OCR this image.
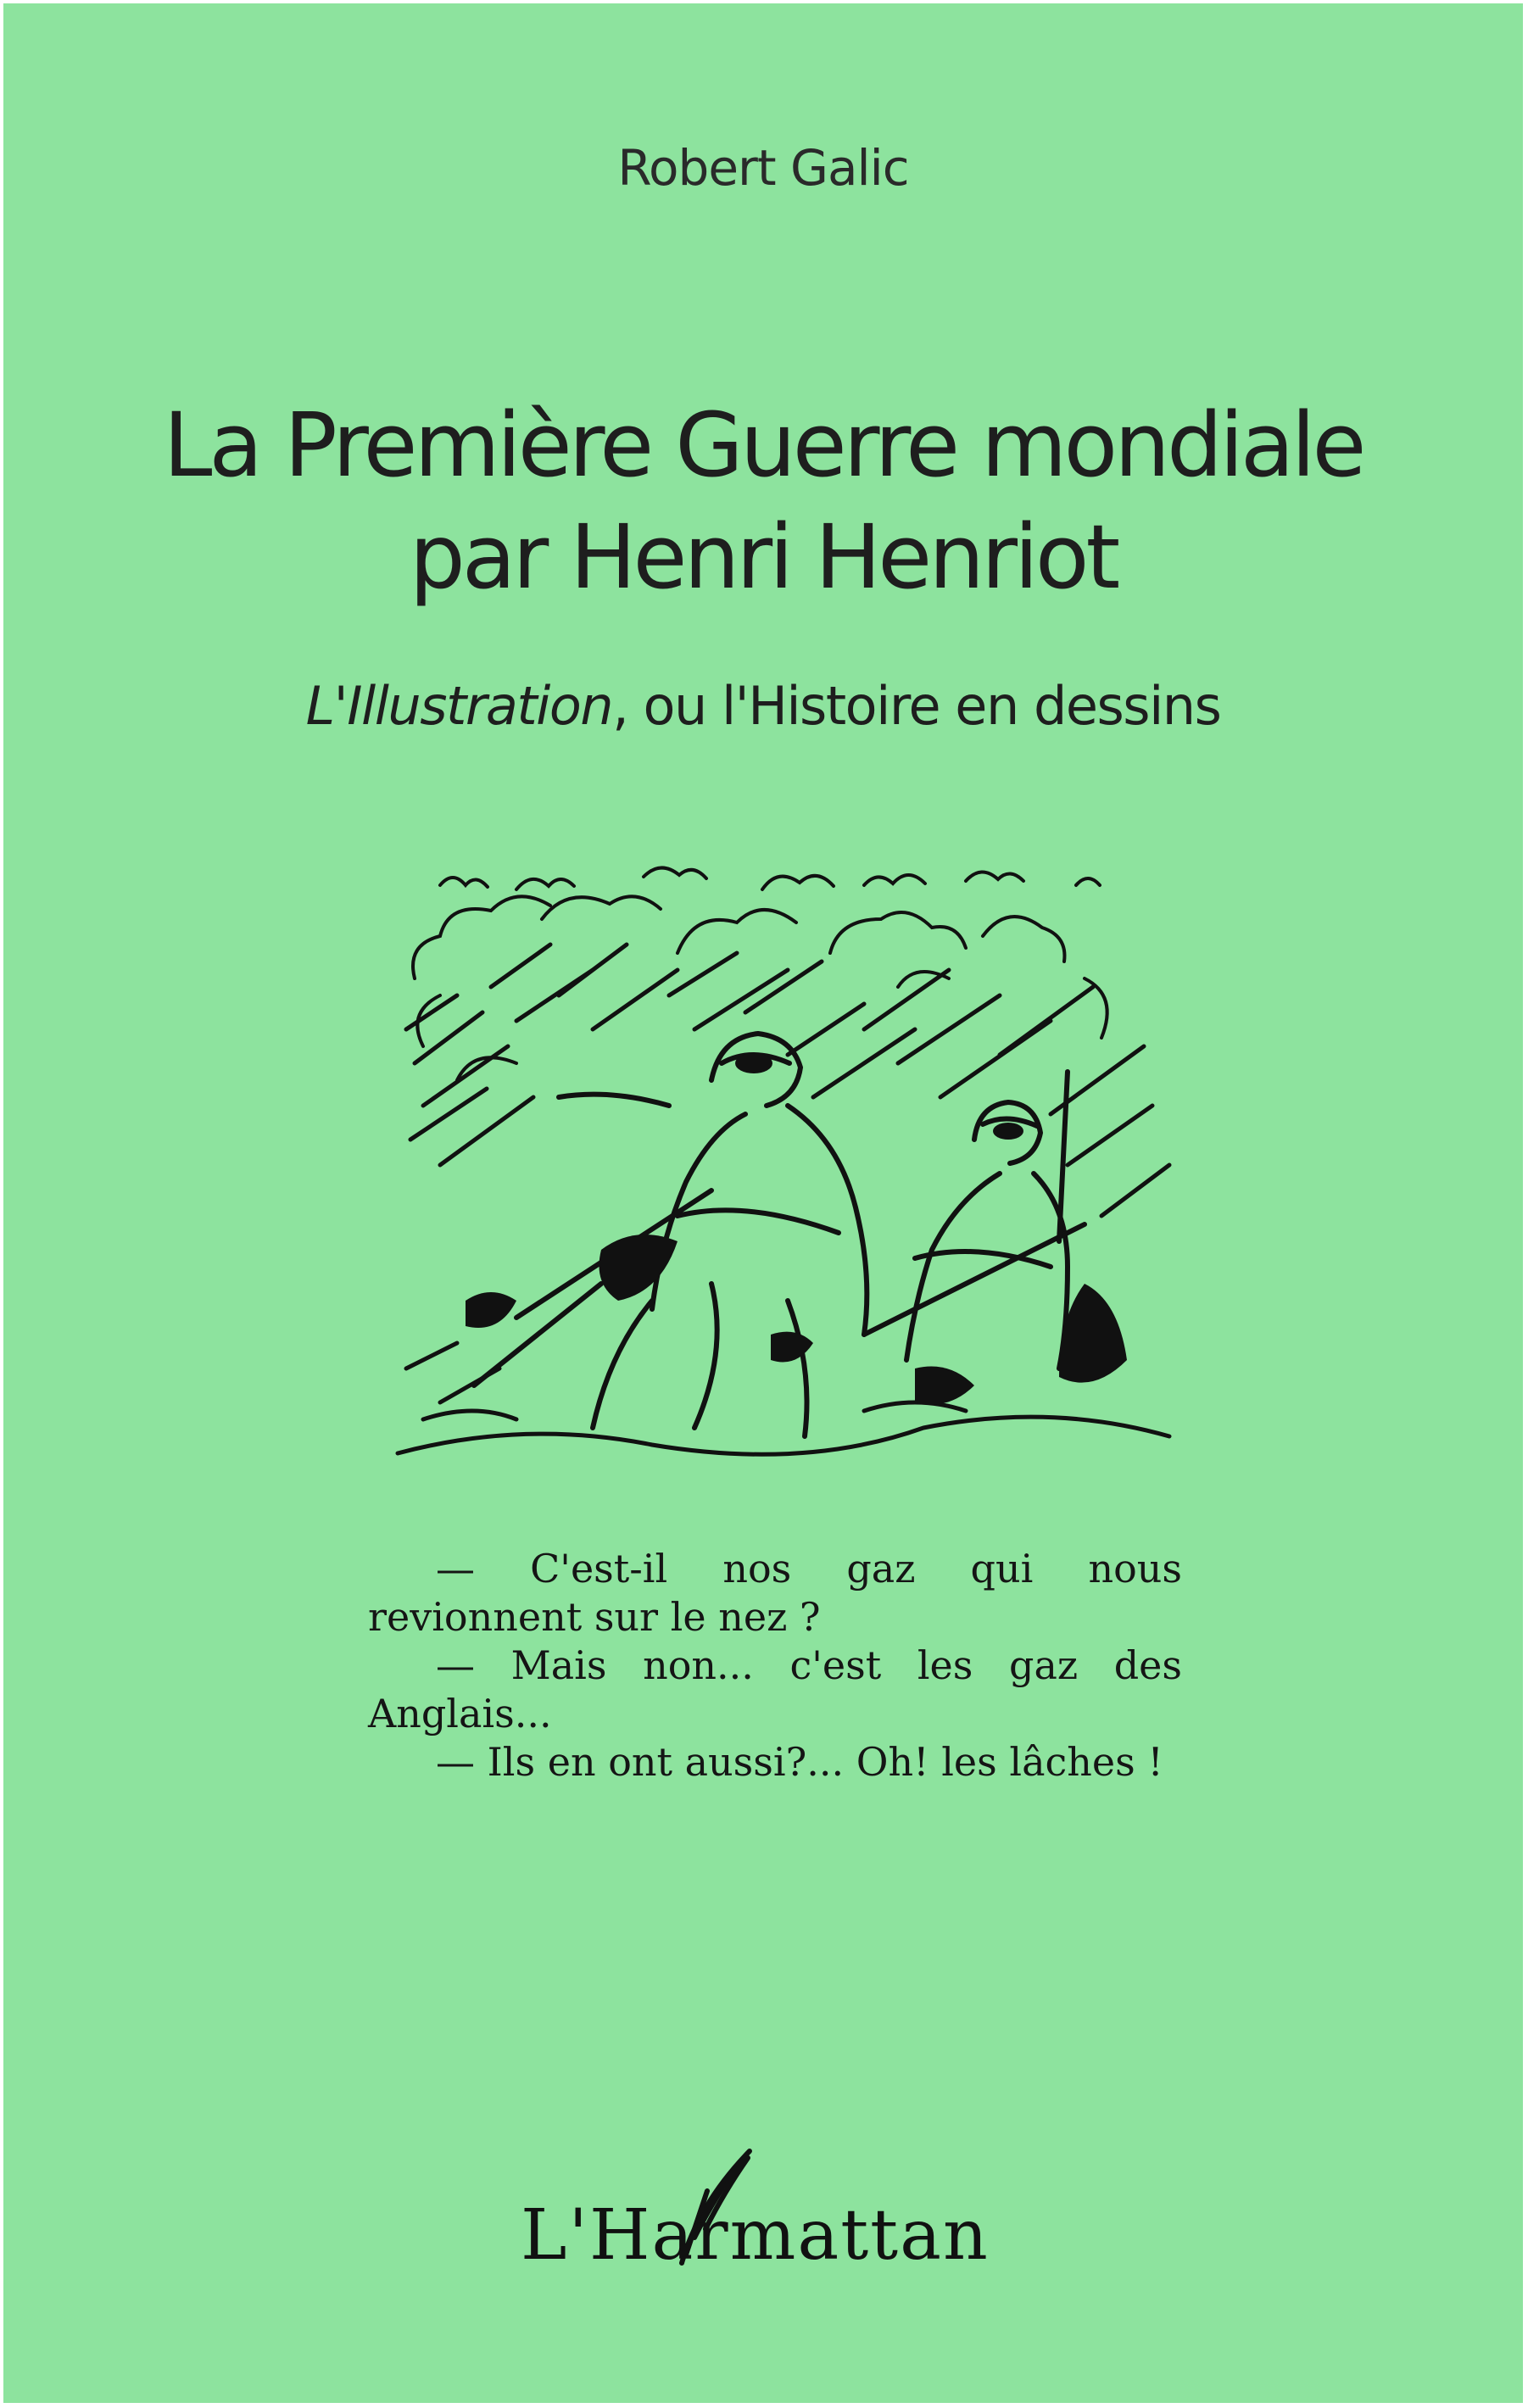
Robert Galic
La Première Guerre mondiale
par Henri Henriot
L'Illustration, ou l'Histoire en dessins

— C'est-il nos gaz qui nous revionnent sur le nez ?

— Mais non... c'est les gaz des Anglais...

— Ils en ont aussi?... Oh! les lâches !

L'Harmattan
